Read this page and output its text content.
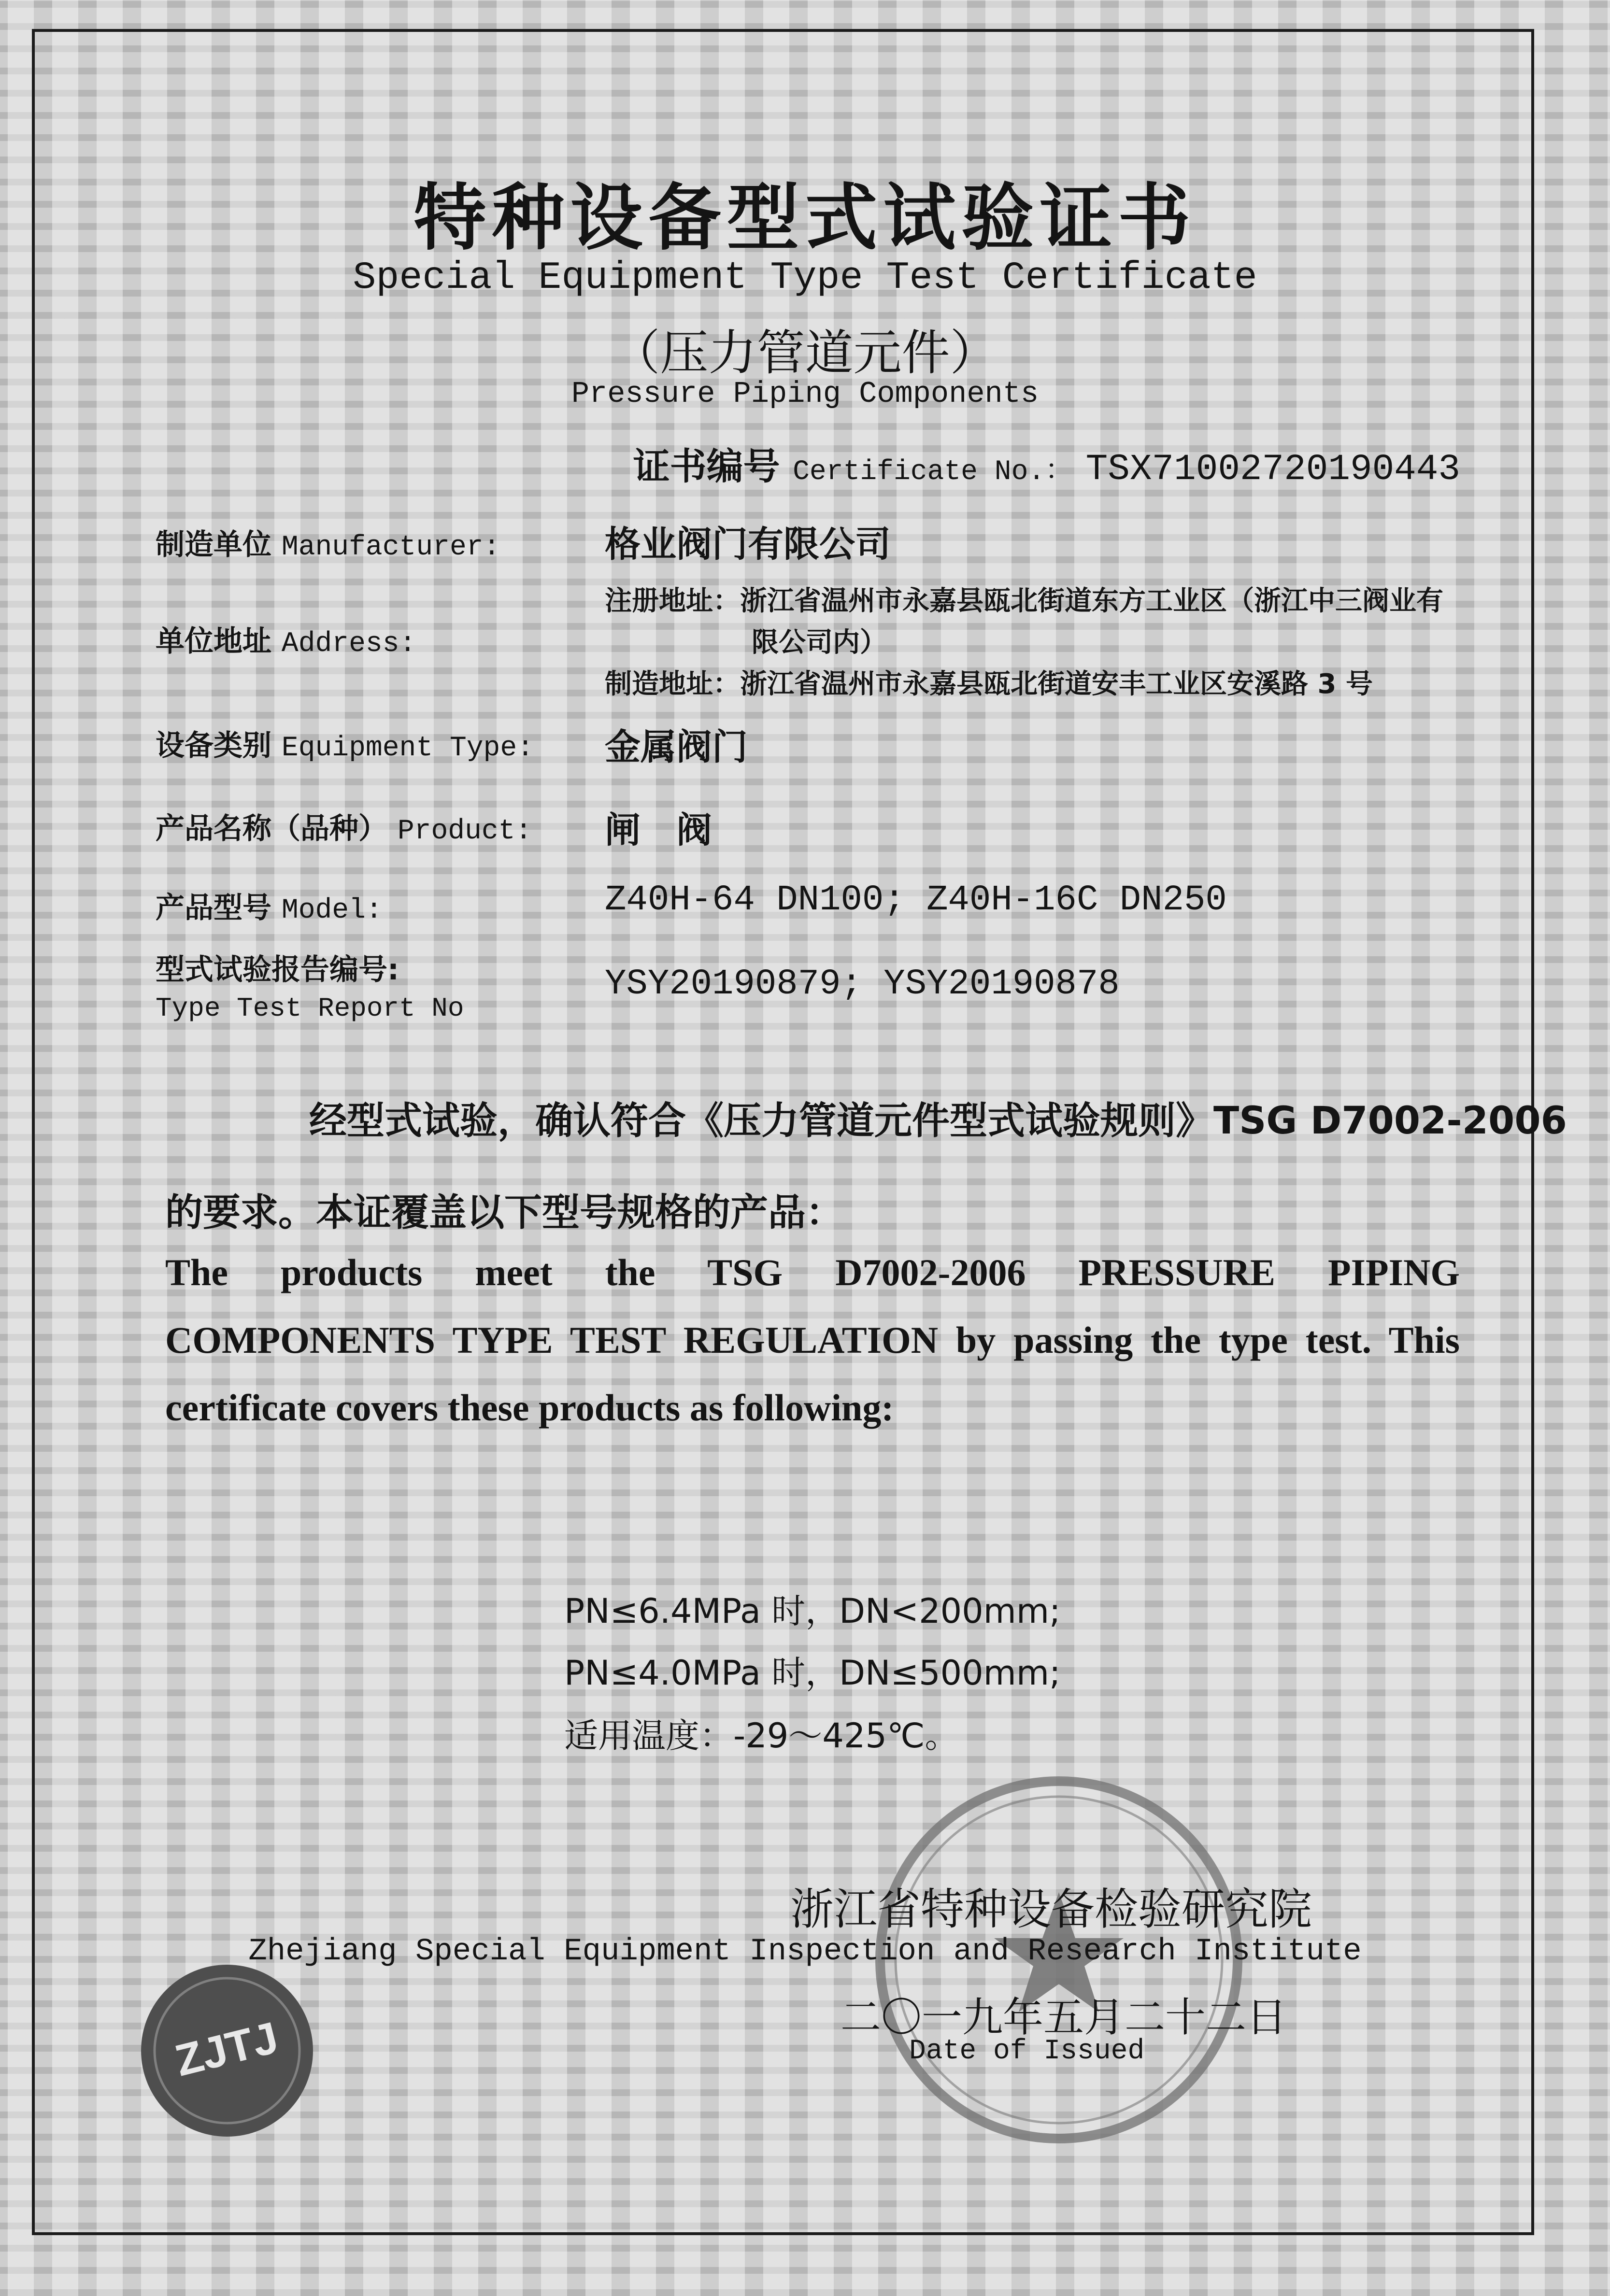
特种设备型式试验证书
Special Equipment Type Test Certificate
（压力管道元件）
Pressure Piping Components
证书编号 Certificate No.： TSX71002720190443
制造单位 Manufacturer:	格业阀门有限公司
单位地址 Address:
注册地址：浙江省温州市永嘉县瓯北街道东方工业区（浙江中三阀业有
限公司内）
制造地址：浙江省温州市永嘉县瓯北街道安丰工业区安溪路 3 号
设备类别 Equipment Type: 金属阀门
产品名称（品种） Product: 闸　阀
产品型号 Model:	Z40H-64 DN100; Z40H-16C DN250
型式试验报告编号:
Type Test Report No
YSY20190879; YSY20190878
经型式试验，确认符合《压力管道元件型式试验规则》TSG D7002-2006
的要求。本证覆盖以下型号规格的产品：
The products meet the TSG D7002-2006 PRESSURE PIPING
COMPONENTS TYPE TEST REGULATION by passing the type test. This
certificate covers these products as following:
PN≤6.4MPa 时，DN<200mm;
PN≤4.0MPa 时，DN≤500mm;
适用温度：-29～425℃。
浙江省特种设备检验研究院
Zhejiang Special Equipment Inspection and Research Institute
二〇一九年五月二十二日
Date of Issued
ZJTJ
